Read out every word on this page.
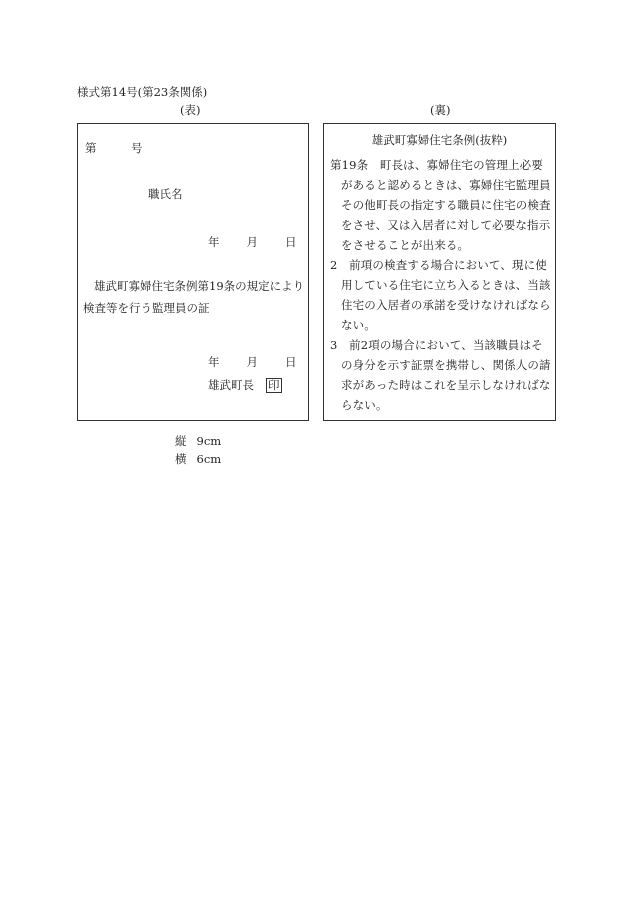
様式第14号(第23条関係)
(表)	(裏)
第	号
職氏名
年 月 日
雄武町寡婦住宅条例第19条の規定により検査等を行う監理員の証
年 月 日
雄武町長 印
雄武町寡婦住宅条例(抜粋)

第19条　町長は、寡婦住宅の管理上必要があると認めるときは、寡婦住宅監理員その他町長の指定する職員に住宅の検査をさせ、又は入居者に対して必要な指示をさせることが出来る。

2　前項の検査する場合において、現に使用している住宅に立ち入るときは、当該住宅の入居者の承諾を受けなければならない。

3　前2項の場合において、当該職員はその身分を示す証票を携帯し、関係人の請求があった時はこれを呈示しなければならない。

縦 9cm
横 6cm
